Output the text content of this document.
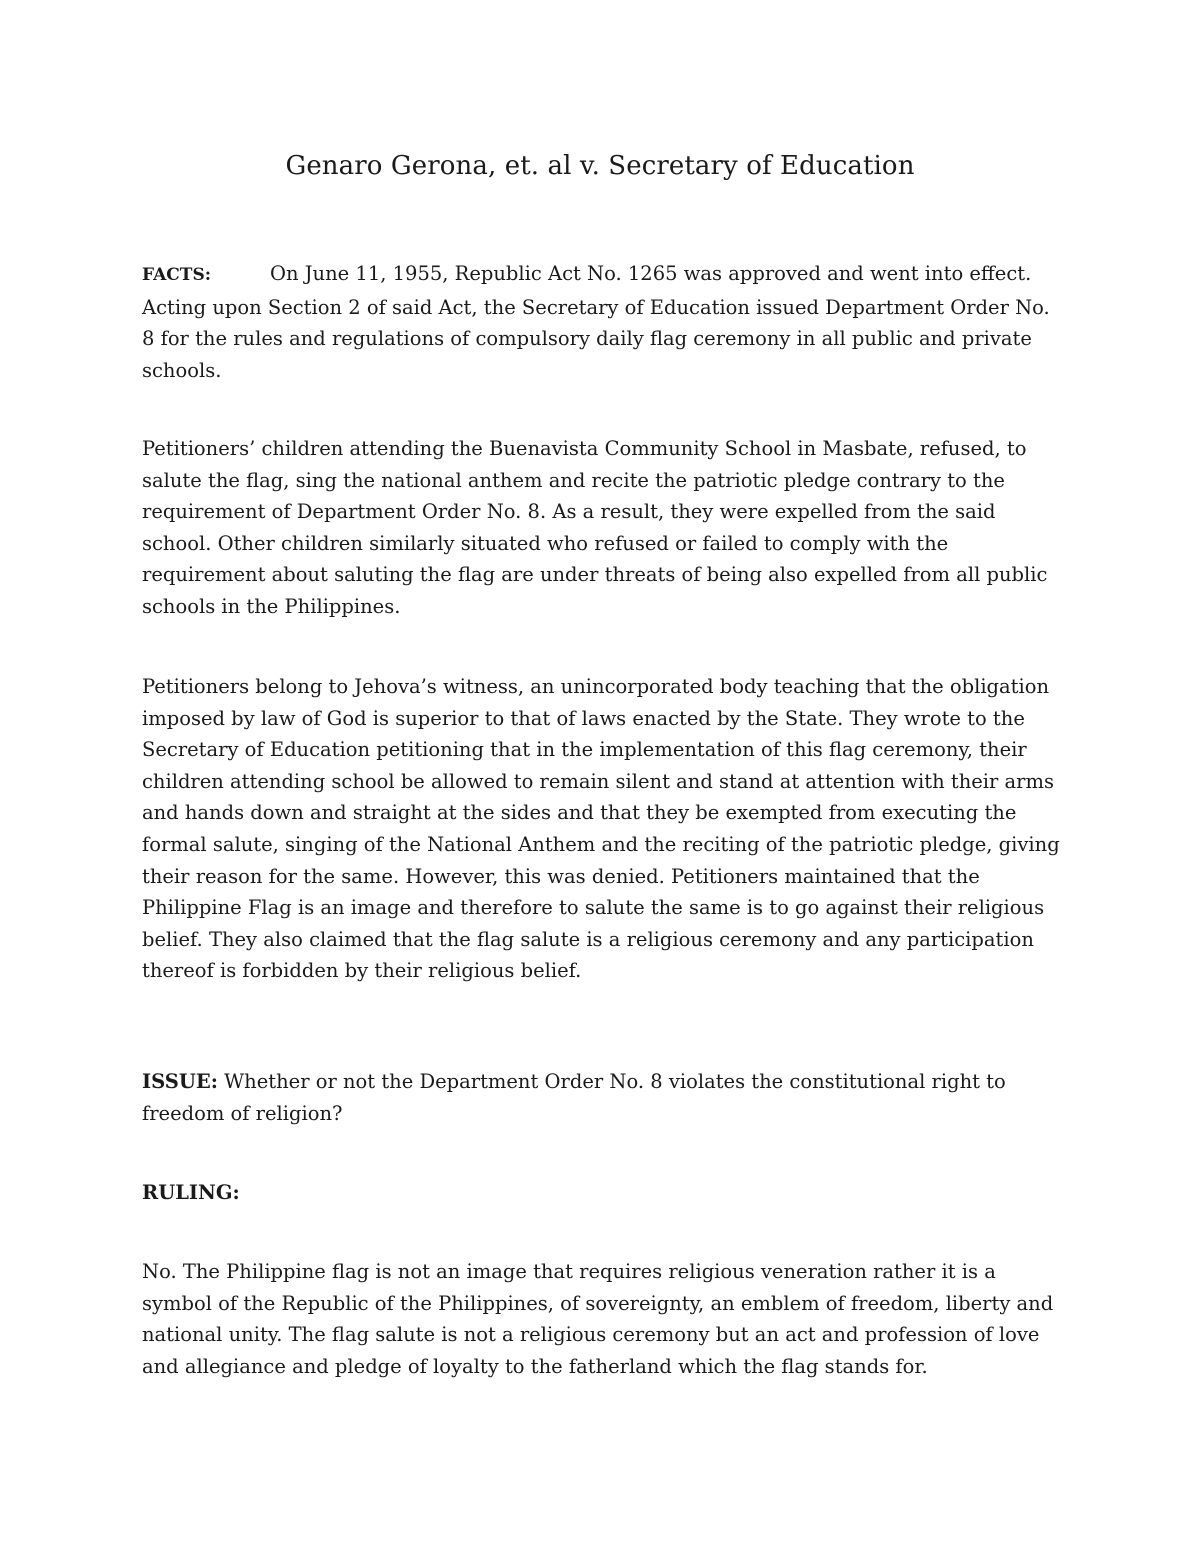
Genaro Gerona, et. al v. Secretary of Education

FACTS:	On June 11, 1955, Republic Act No. 1265 was approved and went into effect. Acting upon Section 2 of said Act, the Secretary of Education issued Department Order No. 8 for the rules and regulations of compulsory daily flag ceremony in all public and private schools.

Petitioners’ children attending the Buenavista Community School in Masbate, refused, to salute the flag, sing the national anthem and recite the patriotic pledge contrary to the requirement of Department Order No. 8. As a result, they were expelled from the said school. Other children similarly situated who refused or failed to comply with the requirement about saluting the flag are under threats of being also expelled from all public schools in the Philippines.

Petitioners belong to Jehova’s witness, an unincorporated body teaching that the obligation imposed by law of God is superior to that of laws enacted by the State. They wrote to the Secretary of Education petitioning that in the implementation of this flag ceremony, their children attending school be allowed to remain silent and stand at attention with their arms and hands down and straight at the sides and that they be exempted from executing the formal salute, singing of the National Anthem and the reciting of the patriotic pledge, giving their reason for the same. However, this was denied. Petitioners maintained that the Philippine Flag is an image and therefore to salute the same is to go against their religious belief. They also claimed that the flag salute is a religious ceremony and any participation thereof is forbidden by their religious belief.

ISSUE: Whether or not the Department Order No. 8 violates the constitutional right to freedom of religion?

RULING:

No. The Philippine flag is not an image that requires religious veneration rather it is a symbol of the Republic of the Philippines, of sovereignty, an emblem of freedom, liberty and national unity. The flag salute is not a religious ceremony but an act and profession of love and allegiance and pledge of loyalty to the fatherland which the flag stands for.
